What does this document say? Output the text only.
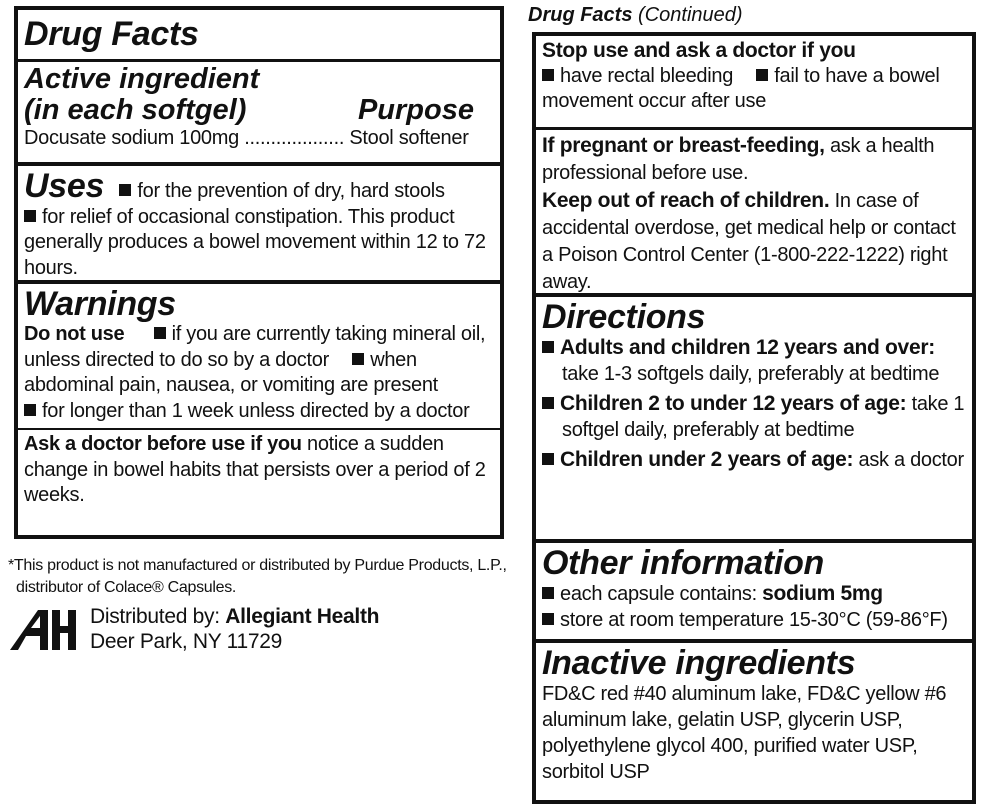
Drug Facts
Active ingredient
(in each softgel)	Purpose
Docusate sodium 100mg ................... Stool softener
Uses for the prevention of dry, hard stools
for relief of occasional constipation. This product generally produces a bowel movement within 12 to 72 hours.
Warnings
Do not use if you are currently taking mineral oil, unless directed to do so by a doctor when abdominal pain, nausea, or vomiting are present
for longer than 1 week unless directed by a doctor
Ask a doctor before use if you notice a sudden change in bowel habits that persists over a period of 2 weeks.
*This product is not manufactured or distributed by Purdue Products, L.P.,
distributor of Colace® Capsules.
Distributed by: Allegiant Health
Deer Park, NY 11729
Drug Facts (Continued)
Stop use and ask a doctor if you
have rectal bleeding fail to have a bowel movement occur after use
If pregnant or breast-feeding, ask a health professional before use.
Keep out of reach of children. In case of accidental overdose, get medical help or contact a Poison Control Center (1-800-222-1222) right away.
Directions
Adults and children 12 years and over: take 1-3 softgels daily, preferably at bedtime
Children 2 to under 12 years of age: take 1 softgel daily, preferably at bedtime
Children under 2 years of age: ask a doctor
Other information
each capsule contains: sodium 5mg
store at room temperature 15-30°C (59-86°F)
Inactive ingredients
FD&C red #40 aluminum lake, FD&C yellow #6 aluminum lake, gelatin USP, glycerin USP, polyethylene glycol 400, purified water USP, sorbitol USP
